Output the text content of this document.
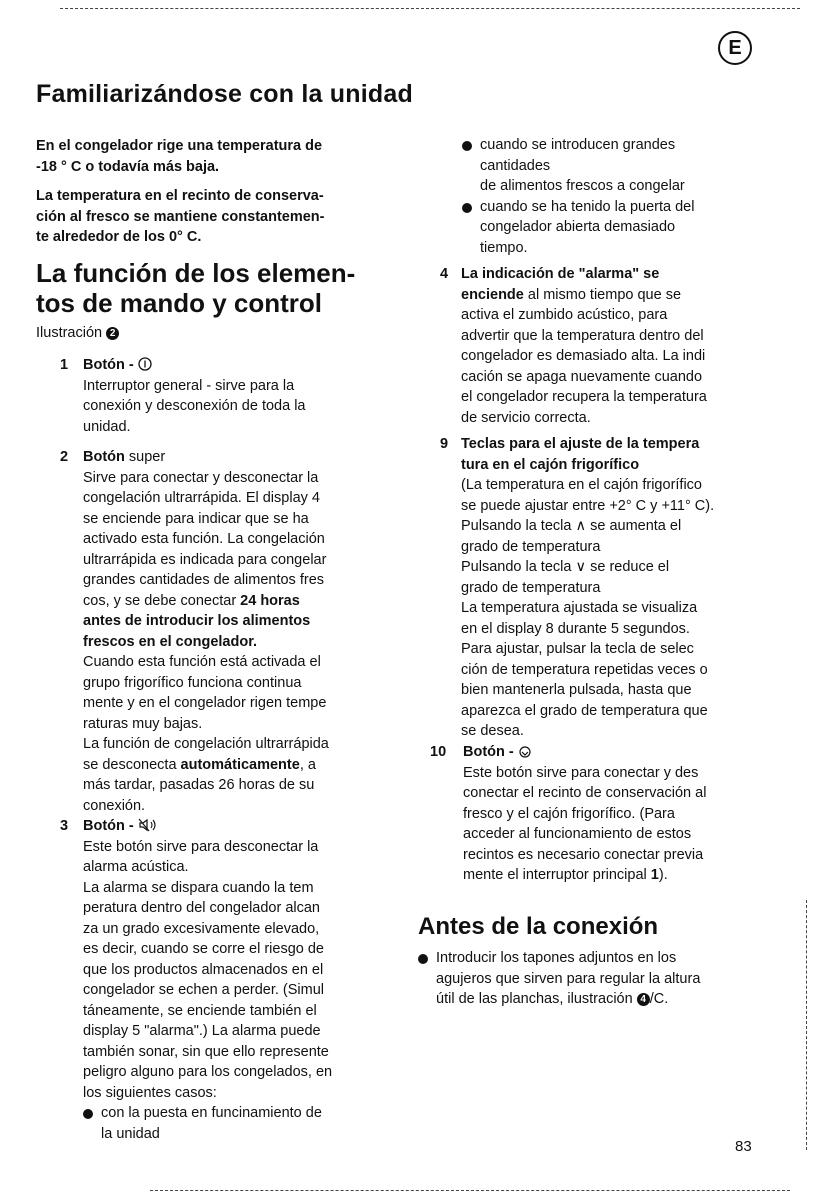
E
Familiarizándose con la unidad

En el congelador rige una temperatura de
-18 ° C o todavía más baja.

La temperatura en el recinto de conserva-
ción al fresco se mantiene constantemen-
te alrededor de los 0° C.

La función de los elemen-
tos de mando y control
Ilustración 2
1 Botón -
Interruptor general - sirve para la
conexión y desconexión de toda la
unidad.
2 Botón super
Sirve para conectar y desconectar la
congelación ultrarrápida. El display 4
se enciende para indicar que se ha
activado esta función. La congelación
ultrarrápida es indicada para congelar
grandes cantidades de alimentos fres
cos, y se debe conectar 24 horas
antes de introducir los alimentos
frescos en el congelador.
Cuando esta función está activada el
grupo frigorífico funciona continua
mente y en el congelador rigen tempe
raturas muy bajas.
La función de congelación ultrarrápida
se desconecta automáticamente, a
más tardar, pasadas 26 horas de su
conexión.
3 Botón -
Este botón sirve para desconectar la
alarma acústica.
La alarma se dispara cuando la tem
peratura dentro del congelador alcan
za un grado excesivamente elevado,
es decir, cuando se corre el riesgo de
que los productos almacenados en el
congelador se echen a perder. (Simul
táneamente, se enciende también el
display 5 "alarma".) La alarma puede
también sonar, sin que ello represente
peligro alguno para los congelados, en
los siguientes casos:
con la puesta en funcinamiento de
la unidad
cuando se introducen grandes
cantidades
de alimentos frescos a congelar
cuando se ha tenido la puerta del
congelador abierta demasiado
tiempo.
4 La indicación de "alarma" se
enciende al mismo tiempo que se
activa el zumbido acústico, para
advertir que la temperatura dentro del
congelador es demasiado alta. La indi
cación se apaga nuevamente cuando
el congelador recupera la temperatura
de servicio correcta.
9 Teclas para el ajuste de la tempera
tura en el cajón frigorífico
(La temperatura en el cajón frigorífico
se puede ajustar entre +2° C y +11° C).
Pulsando la tecla ∧ se aumenta el
grado de temperatura
Pulsando la tecla ∨ se reduce el
grado de temperatura
La temperatura ajustada se visualiza
en el display 8 durante 5 segundos.
Para ajustar, pulsar la tecla de selec
ción de temperatura repetidas veces o
bien mantenerla pulsada, hasta que
aparezca el grado de temperatura que
se desea.
10 Botón -
Este botón sirve para conectar y des
conectar el recinto de conservación al
fresco y el cajón frigorífico. (Para
acceder al funcionamiento de estos
recintos es necesario conectar previa
mente el interruptor principal 1).
Antes de la conexión
Introducir los tapones adjuntos en los
agujeros que sirven para regular la altura
útil de las planchas, ilustración 4 /C.
83
